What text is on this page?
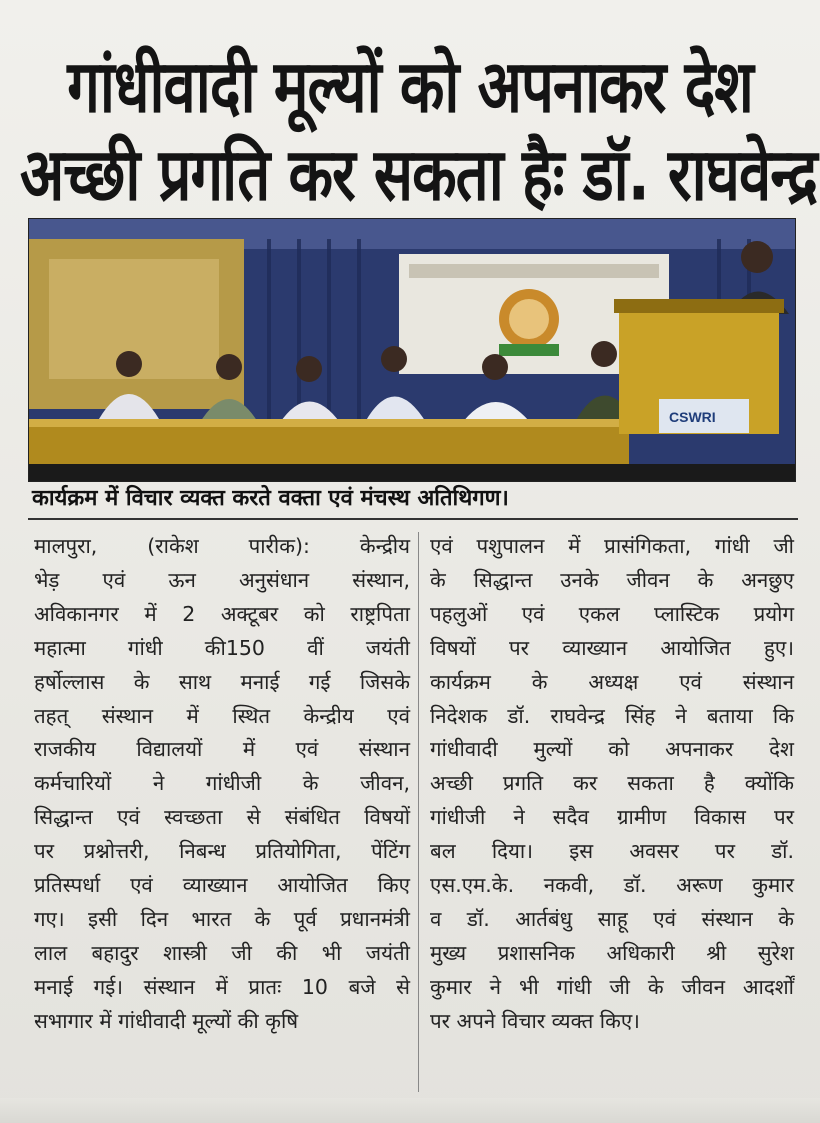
गांधीवादी मूल्यों को अपनाकर देश
अच्छी प्रगति कर सकता हैः डॉ. राघवेन्द्र
CSWRI
कार्यक्रम में विचार व्यक्त करते वक्ता एवं मंचस्थ अतिथिगण।
मालपुरा, (राकेश पारीक): केन्द्रीय
भेड़ एवं ऊन अनुसंधान संस्थान,
अविकानगर में 2 अक्टूबर को राष्ट्रपिता
महात्मा गांधी की150 वीं जयंती
हर्षोल्लास के साथ मनाई गई जिसके
तहत् संस्थान में स्थित केन्द्रीय एवं
राजकीय विद्यालयों में एवं संस्थान
कर्मचारियों ने गांधीजी के जीवन,
सिद्धान्त एवं स्वच्छता से संबंधित विषयों
पर प्रश्नोत्तरी, निबन्ध प्रतियोगिता, पेंटिंग
प्रतिस्पर्धा एवं व्याख्यान आयोजित किए
गए। इसी दिन भारत के पूर्व प्रधानमंत्री
लाल बहादुर शास्त्री जी की भी जयंती
मनाई गई। संस्थान में प्रातः 10 बजे से
सभागार में गांधीवादी मूल्यों की कृषि
एवं पशुपालन में प्रासंगिकता, गांधी जी
के सिद्धान्त उनके जीवन के अनछुए
पहलुओं एवं एकल प्लास्टिक प्रयोग
विषयों पर व्याख्यान आयोजित हुए।
कार्यक्रम के अध्यक्ष एवं संस्थान
निदेशक डॉ. राघवेन्द्र सिंह ने बताया कि
गांधीवादी मुल्यों को अपनाकर देश
अच्छी प्रगति कर सकता है क्योंकि
गांधीजी ने सदैव ग्रामीण विकास पर
बल दिया। इस अवसर पर डॉ.
एस.एम.के. नकवी, डॉ. अरूण कुमार
व डॉ. आर्तबंधु साहू एवं संस्थान के
मुख्य प्रशासनिक अधिकारी श्री सुरेश
कुमार ने भी गांधी जी के जीवन आदर्शों
पर अपने विचार व्यक्त किए।
